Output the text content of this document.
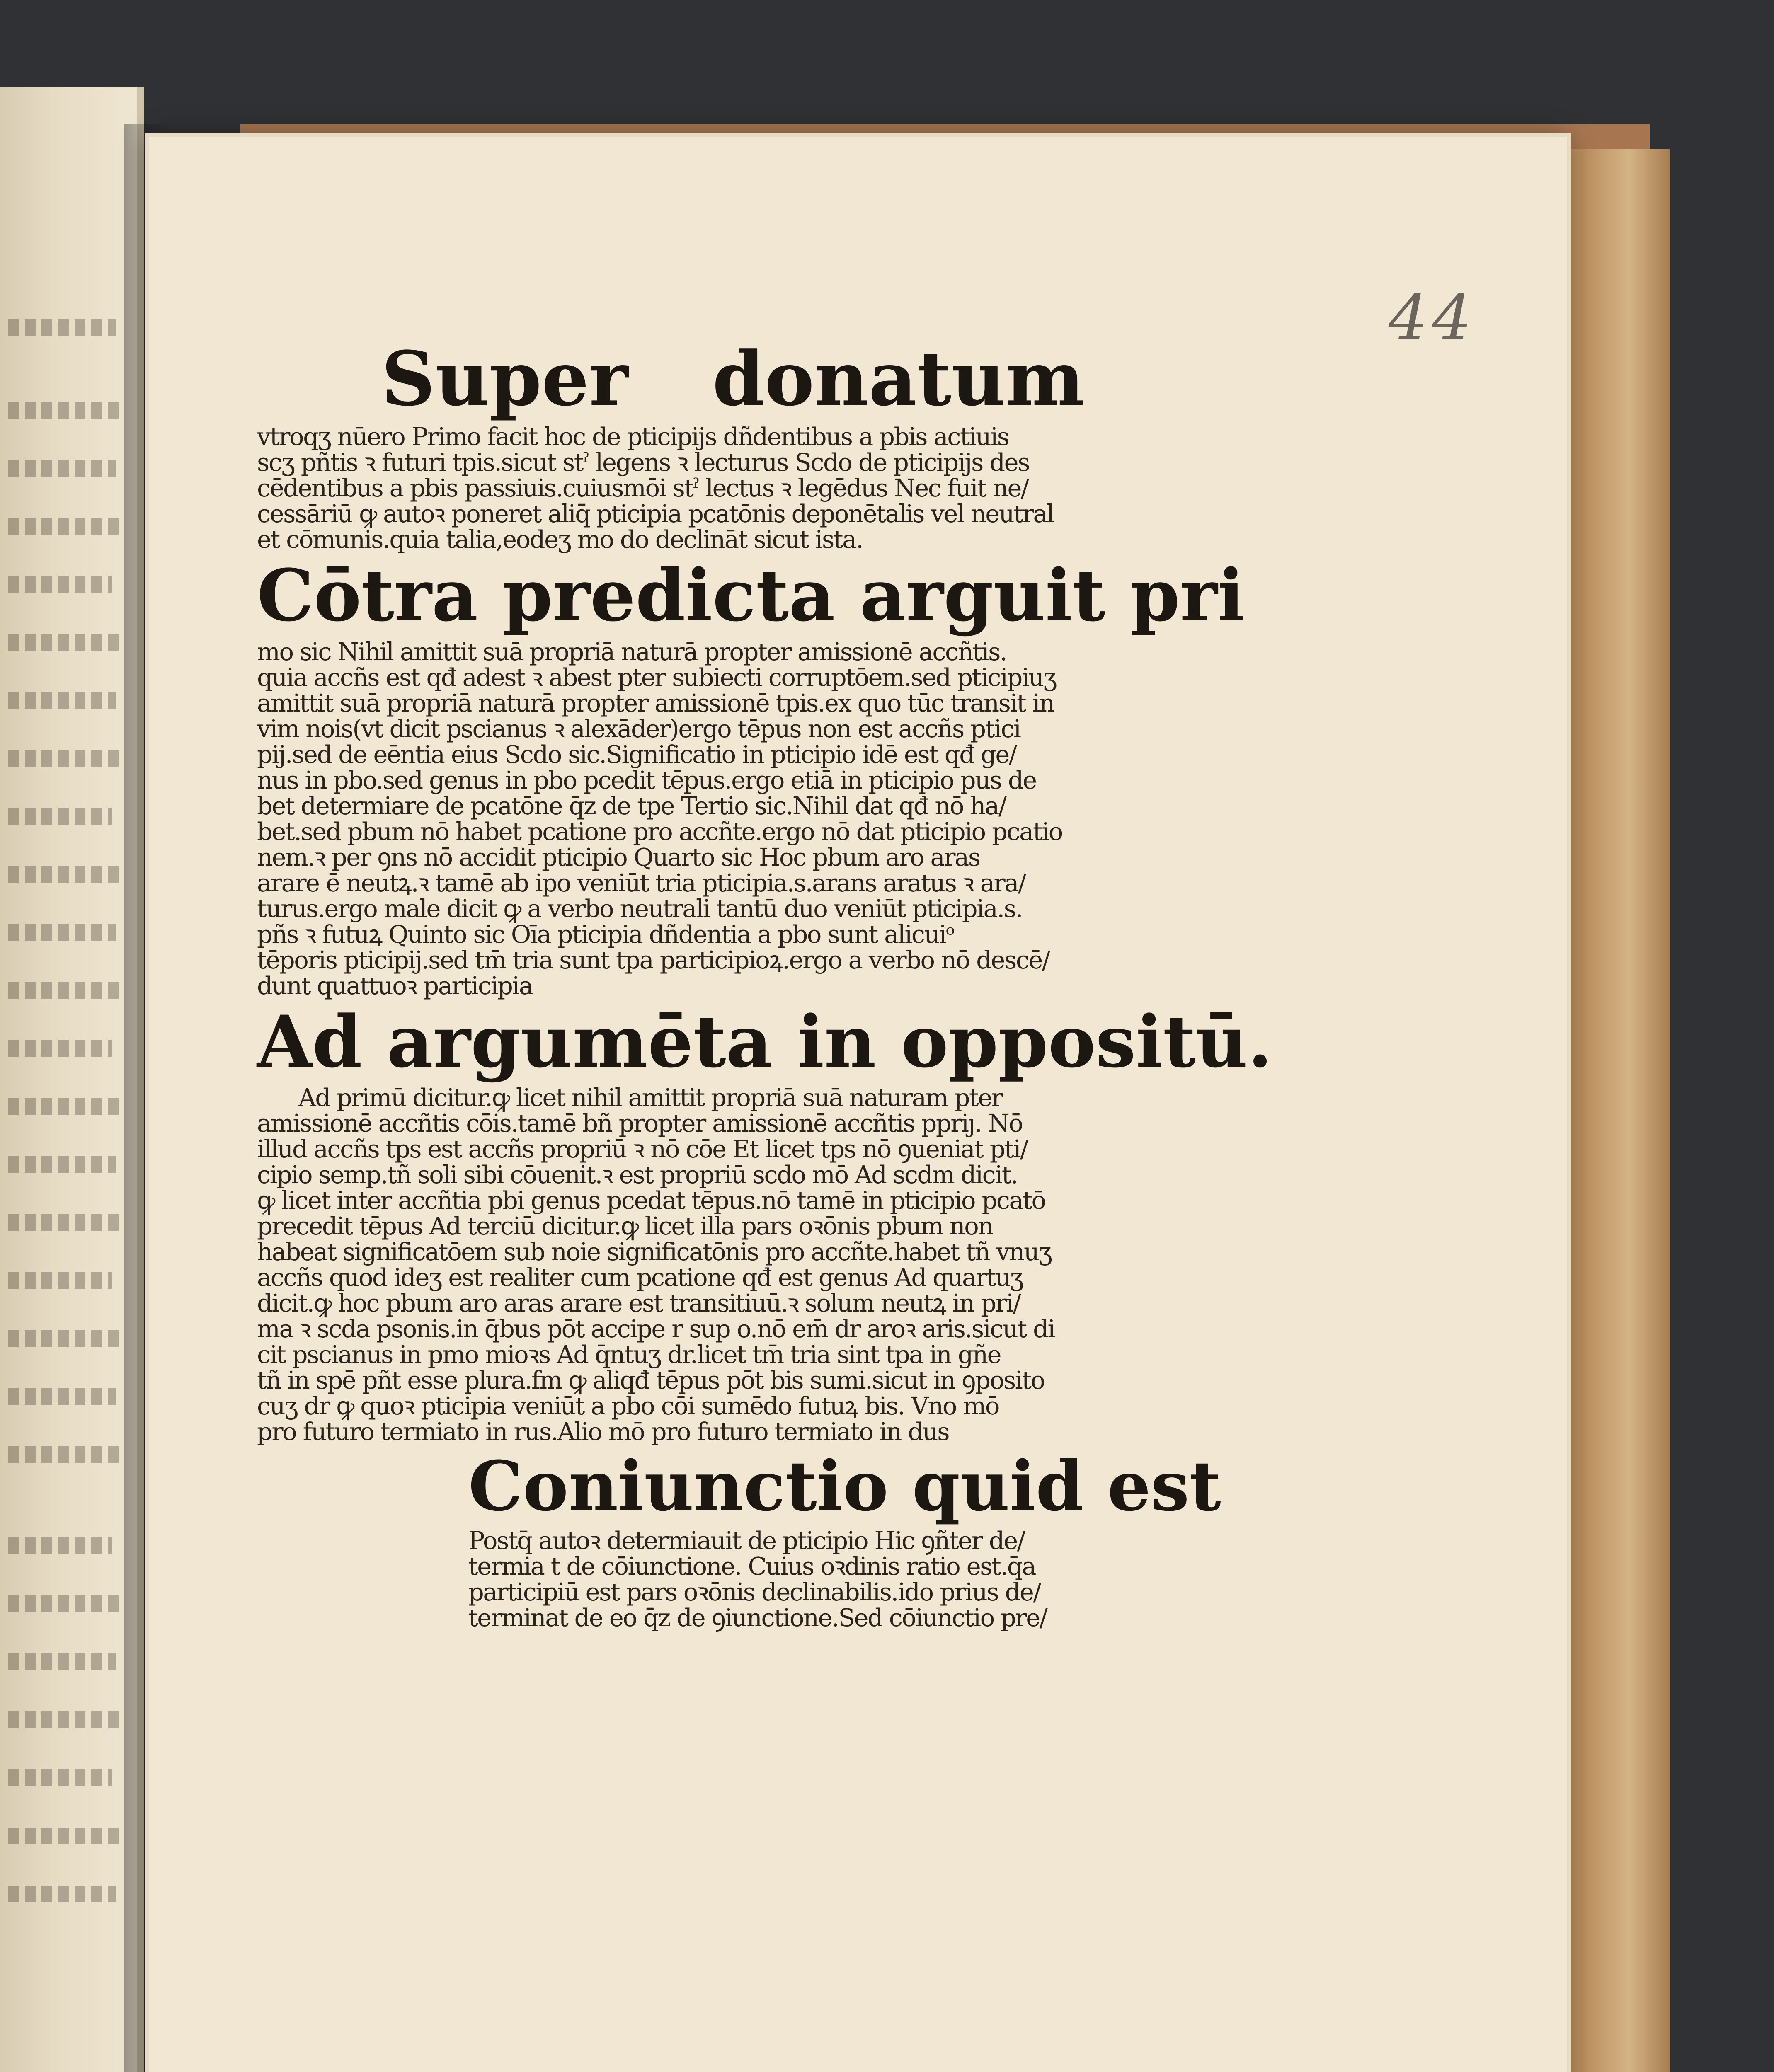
44
Super donatum
vtroqʒ nūero Primo facit hoc de pticipijs dñdentibus a pbis actiuis
scʒ pñtis ꝛ futuri tpis.sicut stˀ legens ꝛ lecturus Scdo de pticipijs des
cēdentibus a pbis passiuis.cuiusmōi stˀ lectus ꝛ legēdus Nec fuit ne/
cessāriū ꝙ autoꝛ poneret aliq̄ pticipia pcatōnis deponētalis vel neutral
et cōmunis.quia talia,eodeʒ mo do declināt sicut ista.
Cōtra predicta arguit pri
mo sic Nihil amittit suā propriā naturā propter amissionē accñtis.
quia accñs est qđ adest ꝛ abest pter subiecti corruptōem.sed pticipiuʒ
amittit suā propriā naturā propter amissionē tpis.ex quo tūc transit in
vim nois(vt dicit pscianus ꝛ alexāder)ergo tēpus non est accñs ptici
pij.sed de eēntia eius Scdo sic.Significatio in pticipio idē est qđ ge/
nus in pbo.sed genus in pbo pcedit tēpus.ergo etiā in pticipio pus de
bet determiare de pcatōne q̄z de tpe Tertio sic.Nihil dat qđ nō ha/
bet.sed pbum nō habet pcatione pro accñte.ergo nō dat pticipio pcatio
nem.ꝛ per ꝯns nō accidit pticipio Quarto sic Hoc pbum aro aras
arare ē neutꝝ.ꝛ tamē ab ipo veniūt tria pticipia.s.arans aratus ꝛ ara/
turus.ergo male dicit ꝙ a verbo neutrali tantū duo veniūt pticipia.s.
pñs ꝛ futuꝝ Quinto sic Oīa pticipia dñdentia a pbo sunt alicuiᵒ
tēporis pticipij.sed tm̄ tria sunt tpa participioꝝ.ergo a verbo nō descē/
dunt quattuoꝛ participia
Ad argumēta in oppositū.
Ad primū dicitur.ꝙ licet nihil amittit propriā suā naturam pter
amissionē accñtis cōis.tamē bñ propter amissionē accñtis ppriȷ. Nō
illud accñs tps est accñs propriū ꝛ nō cōe Et licet tps nō ꝯueniat pti/
cipio semp.tñ soli sibi cōuenit.ꝛ est propriū scdo mō Ad scdm dicit.
ꝙ licet inter accñtia pbi genus pcedat tēpus.nō tamē in pticipio pcatō
precedit tēpus Ad terciū dicitur.ꝙ licet illa pars oꝛōnis pbum non
habeat significatōem sub noie significatōnis pro accñte.habet tñ vnuʒ
accñs quod ideʒ est realiter cum pcatione qđ est genus Ad quartuʒ
dicit.ꝙ hoc pbum aro aras arare est transitiuū.ꝛ solum neutꝝ in pri/
ma ꝛ scda psonis.in q̄bus pōt accipe r sup o.nō em̄ dr aroꝛ aris.sicut di
cit pscianus in pmo mioꝛs Ad q̄ntuʒ dr.licet tm̄ tria sint tpa in gñe
tñ in spē pñt esse plura.fm ꝙ aliqđ tēpus pōt bis sumi.sicut in ꝯposito
cuʒ dr ꝙ quoꝛ pticipia veniūt a pbo cōi sumēdo futuꝝ bis. Vno mō
pro futuro termiato in rus.Alio mō pro futuro termiato in dus
Coniunctio quid est
Postq̄ autoꝛ determiauit de pticipio Hic ꝯñter de/
termia t de cōiunctione. Cuius oꝛdinis ratio est.q̄a
participiū est pars oꝛōnis declinabilis.ido prius de/
terminat de eo q̄z de ꝯiunctione.Sed cōiunctio pre/
